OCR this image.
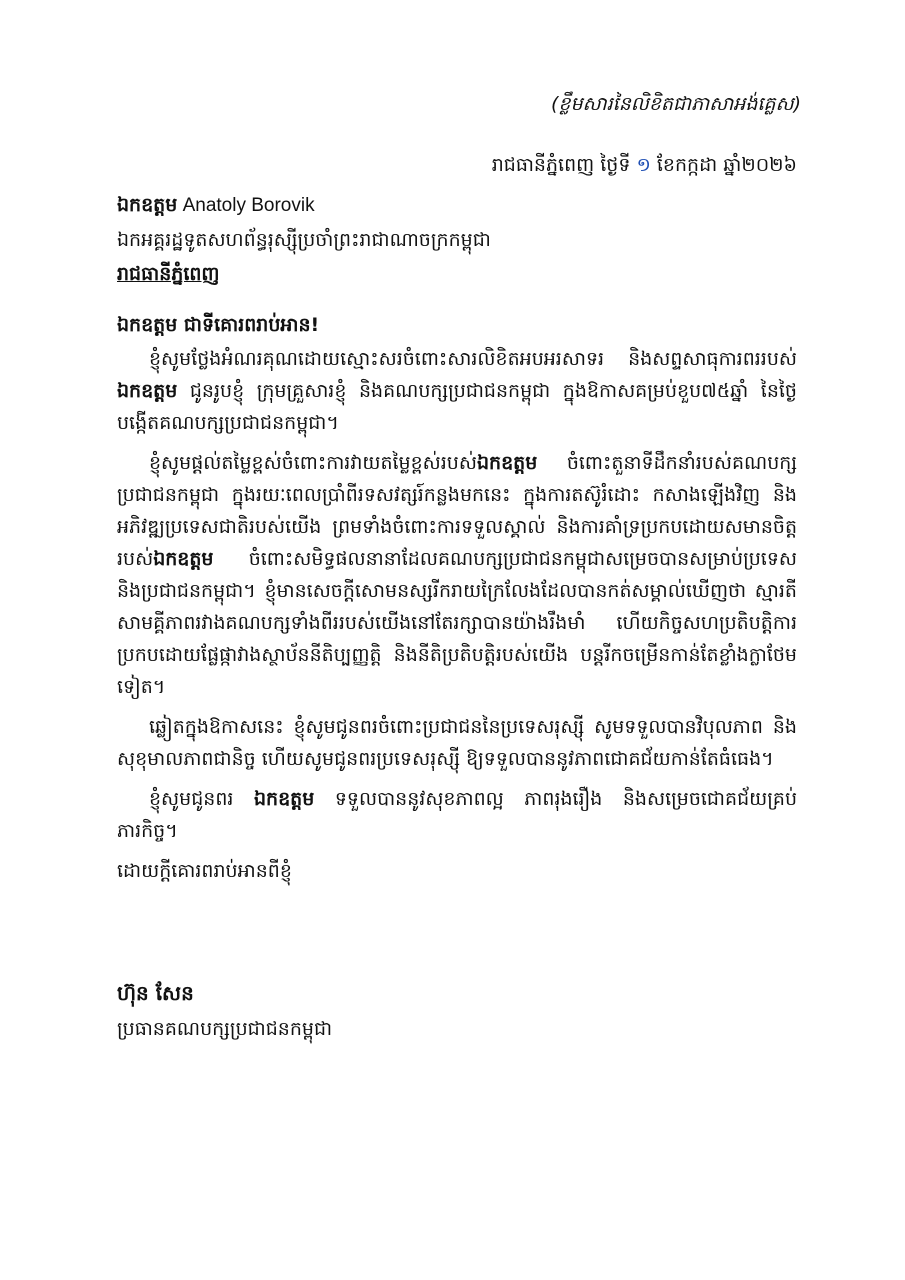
(ខ្លឹមសារនៃលិខិតជាភាសាអង់គ្លេស)
រាជធានីភ្នំពេញ ថ្ងៃទី ១ ខែកក្កដា ឆ្នាំ២០២៦
ឯកឧត្ដម Anatoly Borovik
ឯកអគ្គរដ្ឋទូតសហព័ន្ធរុស្ស៊ីប្រចាំព្រះរាជាណាចក្រកម្ពុជា
រាជធានីភ្នំពេញ
ឯកឧត្ដម ជាទីគោរពរាប់អាន!

ខ្ញុំសូមថ្លែងអំណរគុណដោយស្មោះសរចំពោះសារលិខិតអបអរសាទរ និងសព្ទសាធុការពររបស់ឯកឧត្ដម ជូនរូបខ្ញុំ ក្រុមគ្រួសារខ្ញុំ និងគណបក្សប្រជាជនកម្ពុជា ក្នុងឱកាសគម្រប់ខួប៧៥ឆ្នាំ នៃថ្ងៃបង្កើតគណបក្សប្រជាជនកម្ពុជា។

ខ្ញុំសូមផ្ដល់តម្លៃខ្ពស់ចំពោះការវាយតម្លៃខ្ពស់របស់ឯកឧត្ដម ចំពោះតួនាទីដឹកនាំរបស់គណបក្សប្រជាជនកម្ពុជា ក្នុងរយៈពេលប្រាំពីរទសវត្សរ៍កន្លងមកនេះ ក្នុងការតស៊ូរំដោះ កសាងឡើងវិញ និងអភិវឌ្ឍប្រទេសជាតិរបស់យើង ព្រមទាំងចំពោះការទទួលស្គាល់ និងការគាំទ្រប្រកបដោយសមានចិត្តរបស់ឯកឧត្ដម ចំពោះសមិទ្ធផលនានាដែលគណបក្សប្រជាជនកម្ពុជាសម្រេចបានសម្រាប់ប្រទេស និងប្រជាជនកម្ពុជា។ ខ្ញុំមានសេចក្ដីសោមនស្សរីករាយក្រៃលែងដែលបានកត់សម្គាល់ឃើញថា ស្មារតីសាមគ្គីភាពរវាងគណបក្សទាំងពីររបស់យើងនៅតែរក្សាបានយ៉ាងរឹងមាំ ហើយកិច្ចសហប្រតិបត្តិការប្រកបដោយផ្លែផ្កាវាងស្ថាប័ននីតិប្បញ្ញត្តិ និងនីតិប្រតិបត្តិរបស់យើង បន្តរីកចម្រើនកាន់តែខ្លាំងក្លាថែមទៀត។

ឆ្លៀតក្នុងឱកាសនេះ ខ្ញុំសូមជូនពរចំពោះប្រជាជននៃប្រទេសរុស្ស៊ី សូមទទួលបានវិបុលភាព និងសុខុមាលភាពជានិច្ច ហើយសូមជូនពរប្រទេសរុស្ស៊ី ឱ្យទទួលបាននូវភាពជោគជ័យកាន់តែធំធេង។

ខ្ញុំសូមជូនពរ ឯកឧត្ដម ទទួលបាននូវសុខភាពល្អ ភាពរុងរឿង និងសម្រេចជោគជ័យគ្រប់ភារកិច្ច។

ដោយក្ដីគោរពរាប់អានពីខ្ញុំ

ហ៊ុន សែន
ប្រធានគណបក្សប្រជាជនកម្ពុជា
